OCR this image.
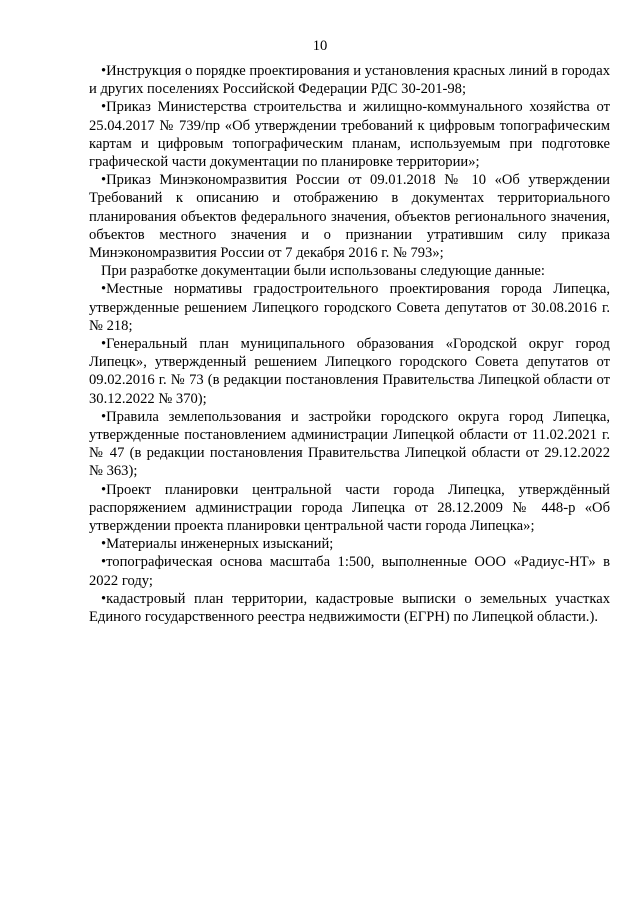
10

•Инструкция о порядке проектирования и установления красных линий в городах и других поселениях Российской Федерации РДС 30-201-98;

•Приказ Министерства строительства и жилищно-коммунального хозяйства от 25.04.2017 № 739/пр «Об утверждении требований к цифровым топографическим картам и цифровым топографическим планам, используемым при подготовке графической части документации по планировке территории»;

•Приказ Минэкономразвития России от 09.01.2018 № 10 «Об утверждении Требований к описанию и отображению в документах территориального планирования объектов федерального значения, объектов регионального значения, объектов местного значения и о признании утратившим силу приказа Минэкономразвития России от 7 декабря 2016 г. № 793»;

При разработке документации были использованы следующие данные:

•Местные нормативы градостроительного проектирования города Липецка, утвержденные решением Липецкого городского Совета депутатов от 30.08.2016 г. № 218;

•Генеральный план муниципального образования «Городской округ город Липецк», утвержденный решением Липецкого городского Совета депутатов от 09.02.2016 г. № 73 (в редакции постановления Правительства Липецкой области от 30.12.2022 № 370);

•Правила землепользования и застройки городского округа город Липецка, утвержденные постановлением администрации Липецкой области от 11.02.2021 г. № 47 (в редакции постановления Правительства Липецкой области от 29.12.2022 № 363);

•Проект планировки центральной части города Липецка, утверждённый распоряжением администрации города Липецка от 28.12.2009 № 448-р «Об утверждении проекта планировки центральной части города Липецка»;

•Материалы инженерных изысканий;

•топографическая основа масштаба 1:500, выполненные ООО «Радиус-НТ» в 2022 году;

•кадастровый план территории, кадастровые выписки о земельных участках Единого государственного реестра недвижимости (ЕГРН) по Липецкой области.).
